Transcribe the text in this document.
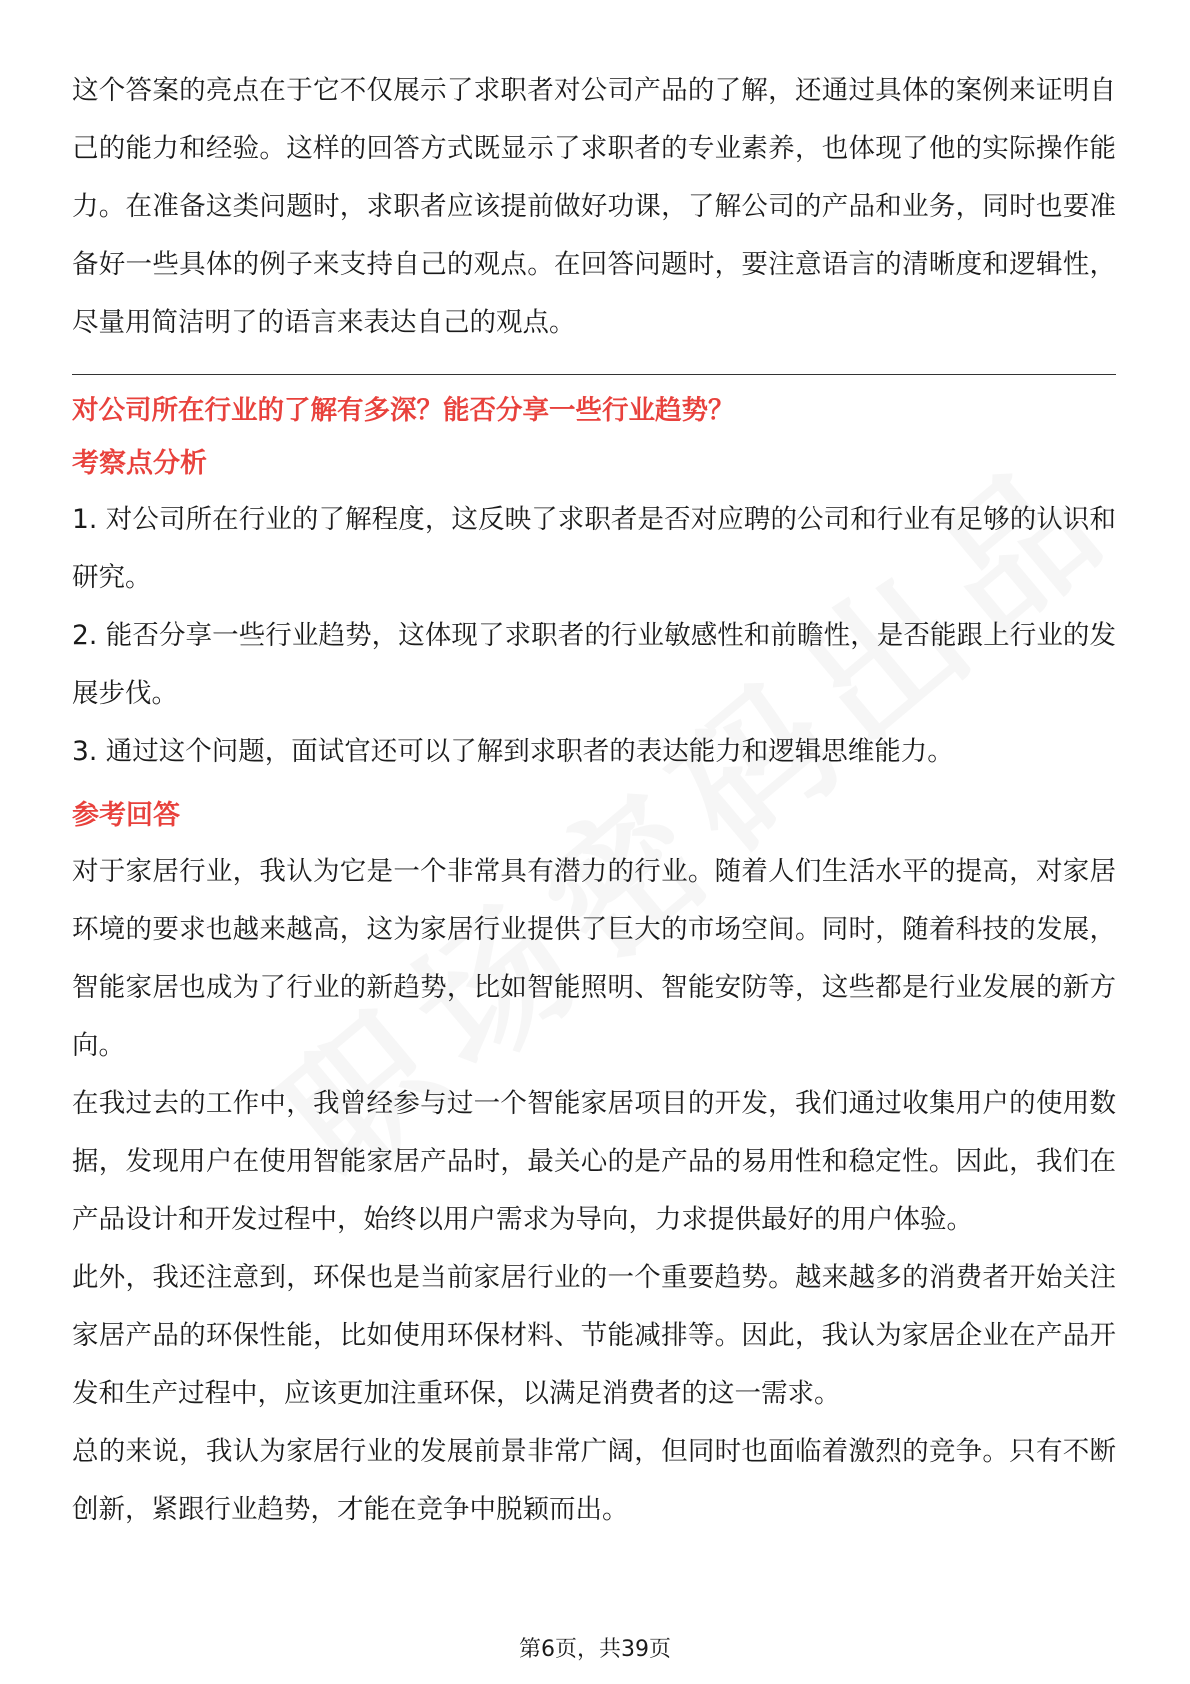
这个答案的亮点在于它不仅展示了求职者对公司产品的了解，还通过具体的案例来证明自己的能力和经验。这样的回答方式既显示了求职者的专业素养，也体现了他的实际操作能力。在准备这类问题时，求职者应该提前做好功课，了解公司的产品和业务，同时也要准备好一些具体的例子来支持自己的观点。在回答问题时，要注意语言的清晰度和逻辑性，尽量用简洁明了的语言来表达自己的观点。

对公司所在行业的了解有多深？能否分享一些行业趋势？

考察点分析

1. 对公司所在行业的了解程度，这反映了求职者是否对应聘的公司和行业有足够的认识和研究。

2. 能否分享一些行业趋势，这体现了求职者的行业敏感性和前瞻性，是否能跟上行业的发展步伐。

3. 通过这个问题，面试官还可以了解到求职者的表达能力和逻辑思维能力。

参考回答

对于家居行业，我认为它是一个非常具有潜力的行业。随着人们生活水平的提高，对家居环境的要求也越来越高，这为家居行业提供了巨大的市场空间。同时，随着科技的发展，智能家居也成为了行业的新趋势，比如智能照明、智能安防等，这些都是行业发展的新方向。

在我过去的工作中，我曾经参与过一个智能家居项目的开发，我们通过收集用户的使用数据，发现用户在使用智能家居产品时，最关心的是产品的易用性和稳定性。因此，我们在产品设计和开发过程中，始终以用户需求为导向，力求提供最好的用户体验。

此外，我还注意到，环保也是当前家居行业的一个重要趋势。越来越多的消费者开始关注家居产品的环保性能，比如使用环保材料、节能减排等。因此，我认为家居企业在产品开发和生产过程中，应该更加注重环保，以满足消费者的这一需求。

总的来说，我认为家居行业的发展前景非常广阔，但同时也面临着激烈的竞争。只有不断创新，紧跟行业趋势，才能在竞争中脱颖而出。

第6页，共39页
